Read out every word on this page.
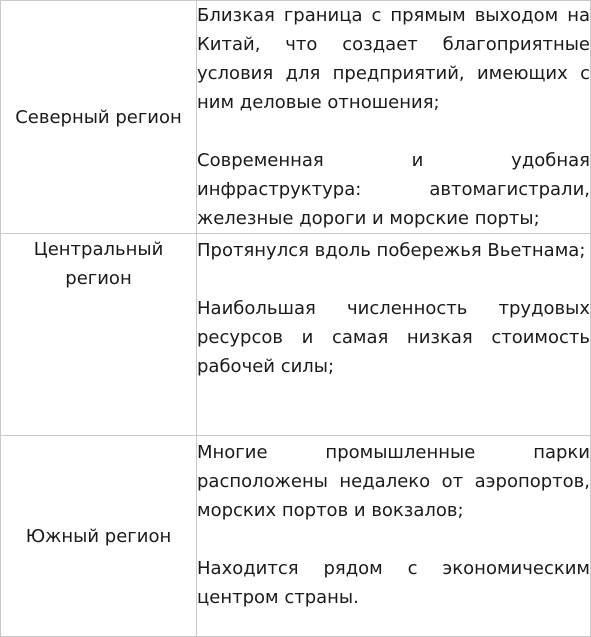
Северный регион	Близкая граница с прямым выходом на Китай, что создает благоприятные условия для предприятий, имеющих с ним деловые отношения;

Современная и удобная инфраструктура: автомагистрали, железные дороги и морские порты;

Центральный регион	Протянулся вдоль побережья Вьетнама;

Наибольшая численность трудовых ресурсов и самая низкая стоимость рабочей силы;

Южный регион	Многие промышленные парки расположены недалеко от аэропортов, морских портов и вокзалов;

Находится рядом с экономическим центром страны.
